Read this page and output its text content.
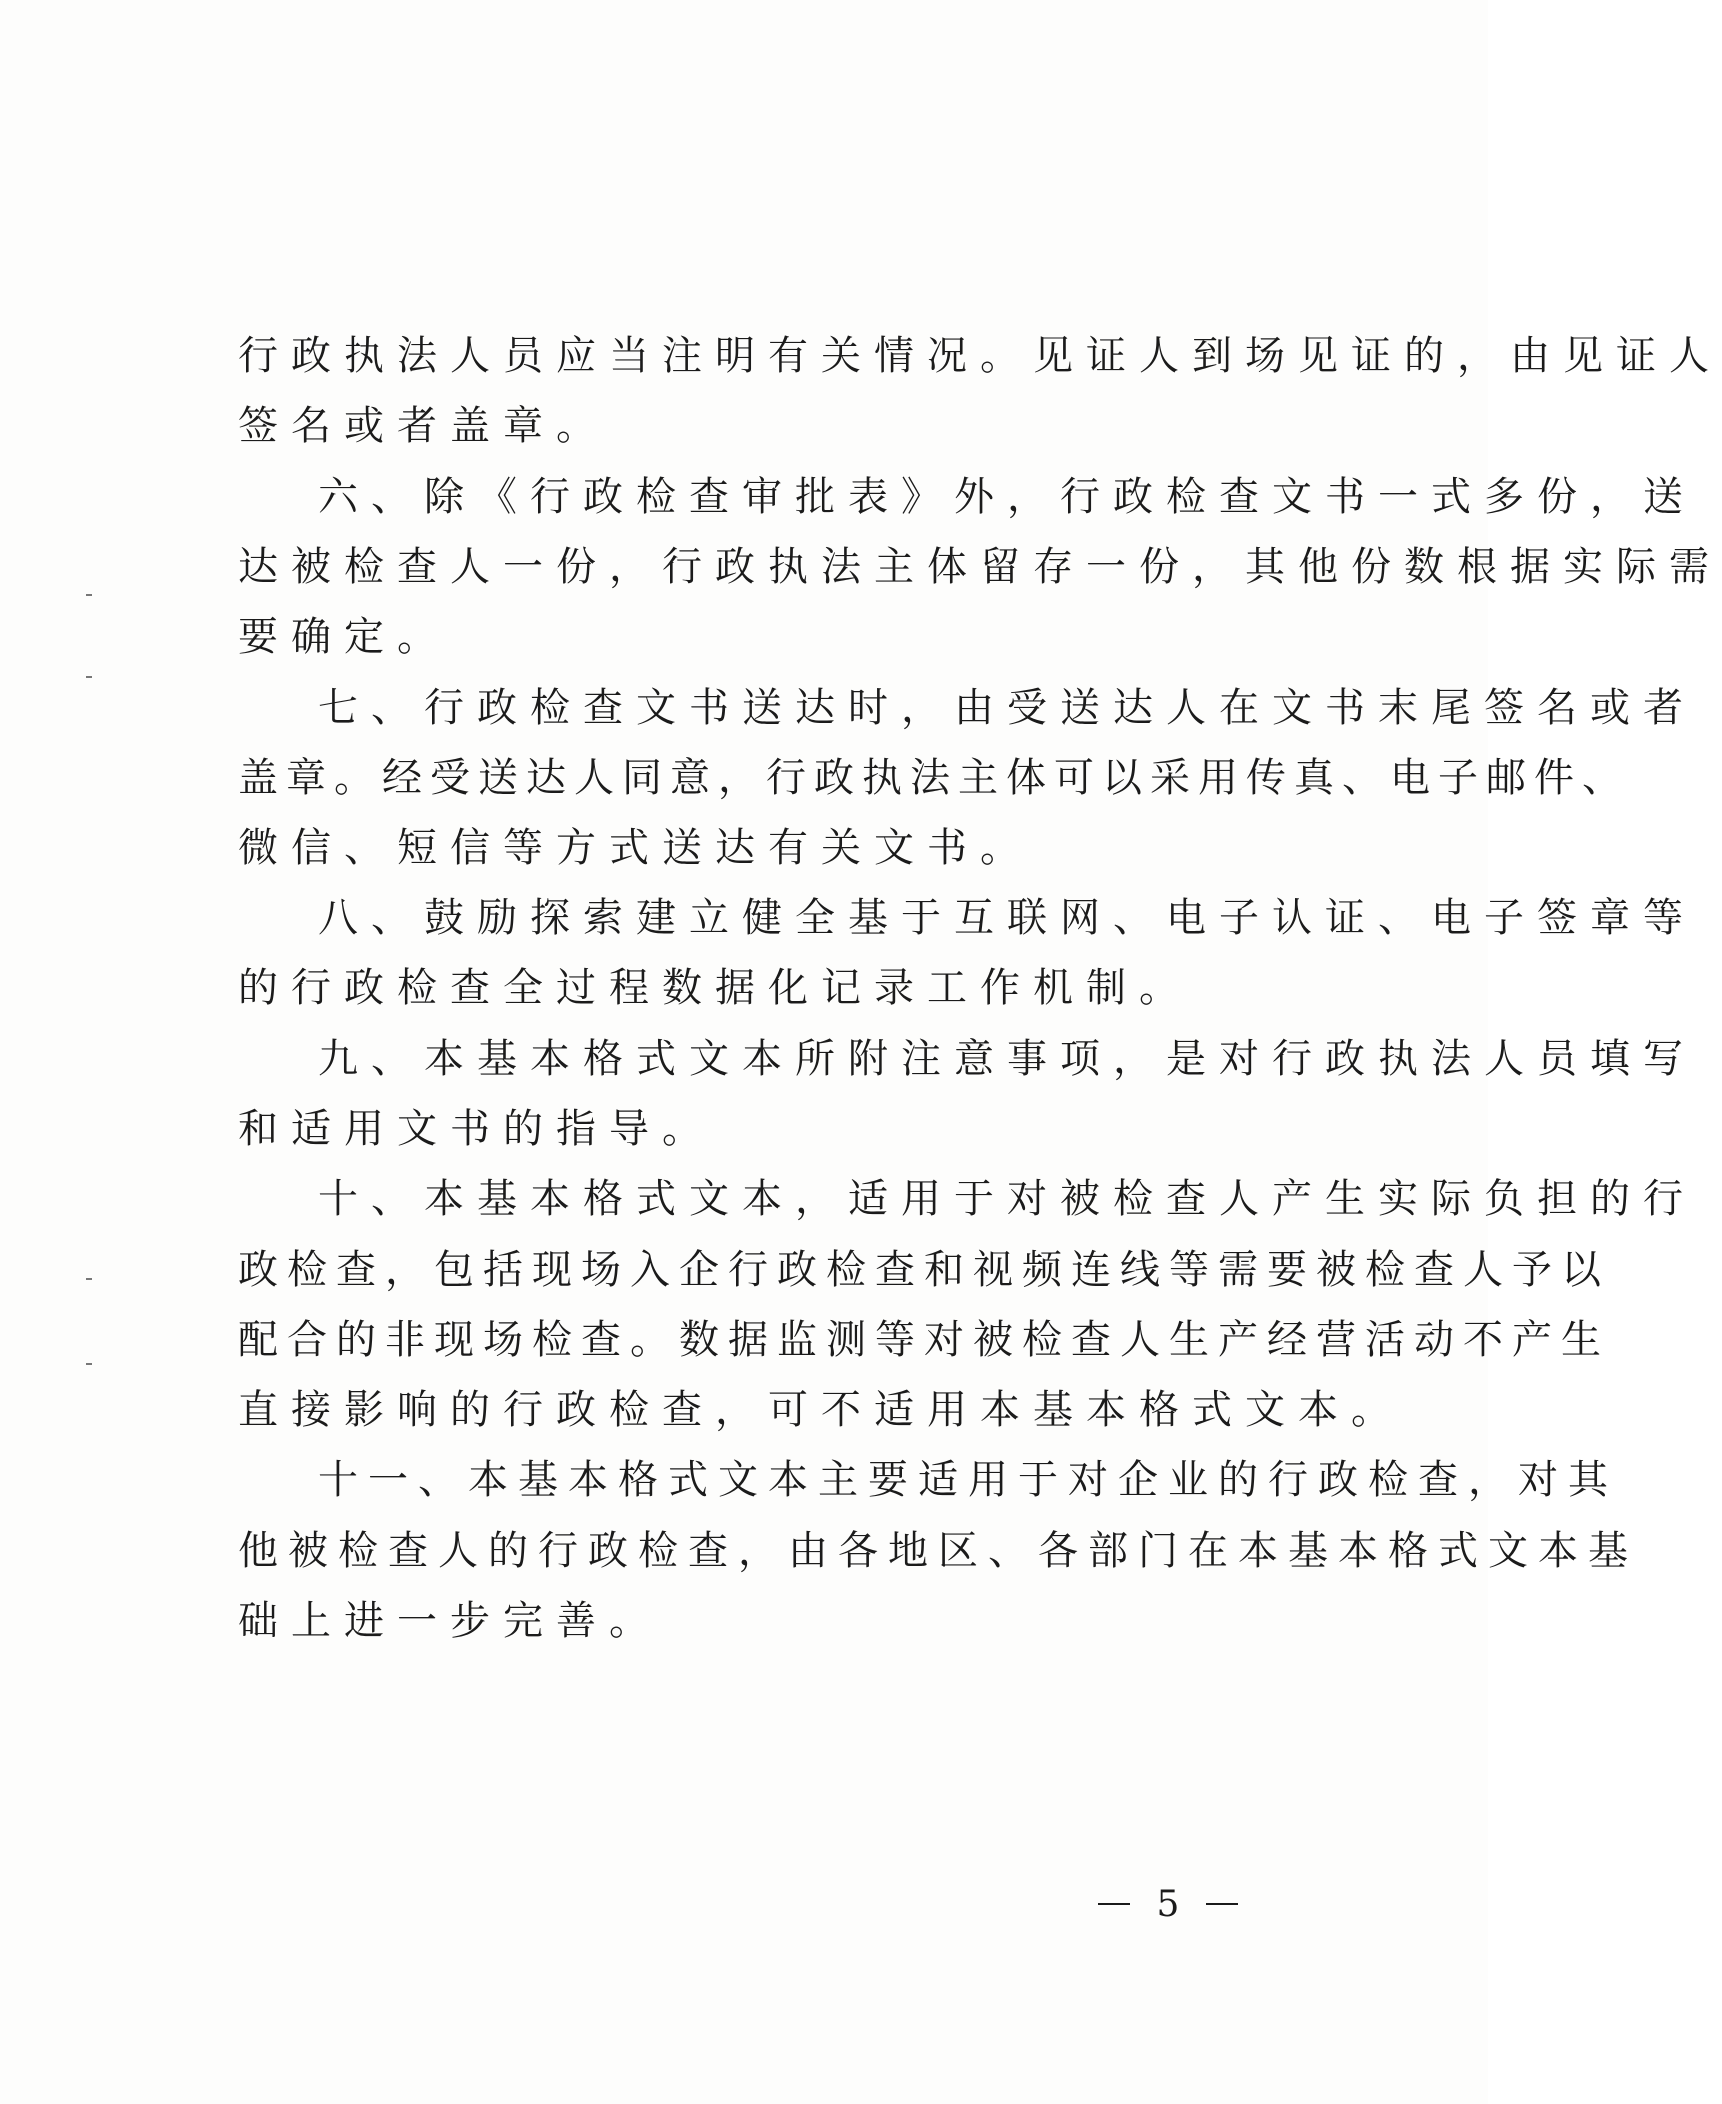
行政执法人员应当注明有关情况。见证人到场见证的，由见证人
签名或者盖章。
六、除《行政检查审批表》外，行政检查文书一式多份，送
达被检查人一份，行政执法主体留存一份，其他份数根据实际需
要确定。
七、行政检查文书送达时，由受送达人在文书末尾签名或者
盖章。经受送达人同意，行政执法主体可以采用传真、电子邮件、
微信、短信等方式送达有关文书。
八、鼓励探索建立健全基于互联网、电子认证、电子签章等
的行政检查全过程数据化记录工作机制。
九、本基本格式文本所附注意事项，是对行政执法人员填写
和适用文书的指导。
十、本基本格式文本，适用于对被检查人产生实际负担的行
政检查，包括现场入企行政检查和视频连线等需要被检查人予以
配合的非现场检查。数据监测等对被检查人生产经营活动不产生
直接影响的行政检查，可不适用本基本格式文本。
十一、本基本格式文本主要适用于对企业的行政检查，对其
他被检查人的行政检查，由各地区、各部门在本基本格式文本基
础上进一步完善。
5
